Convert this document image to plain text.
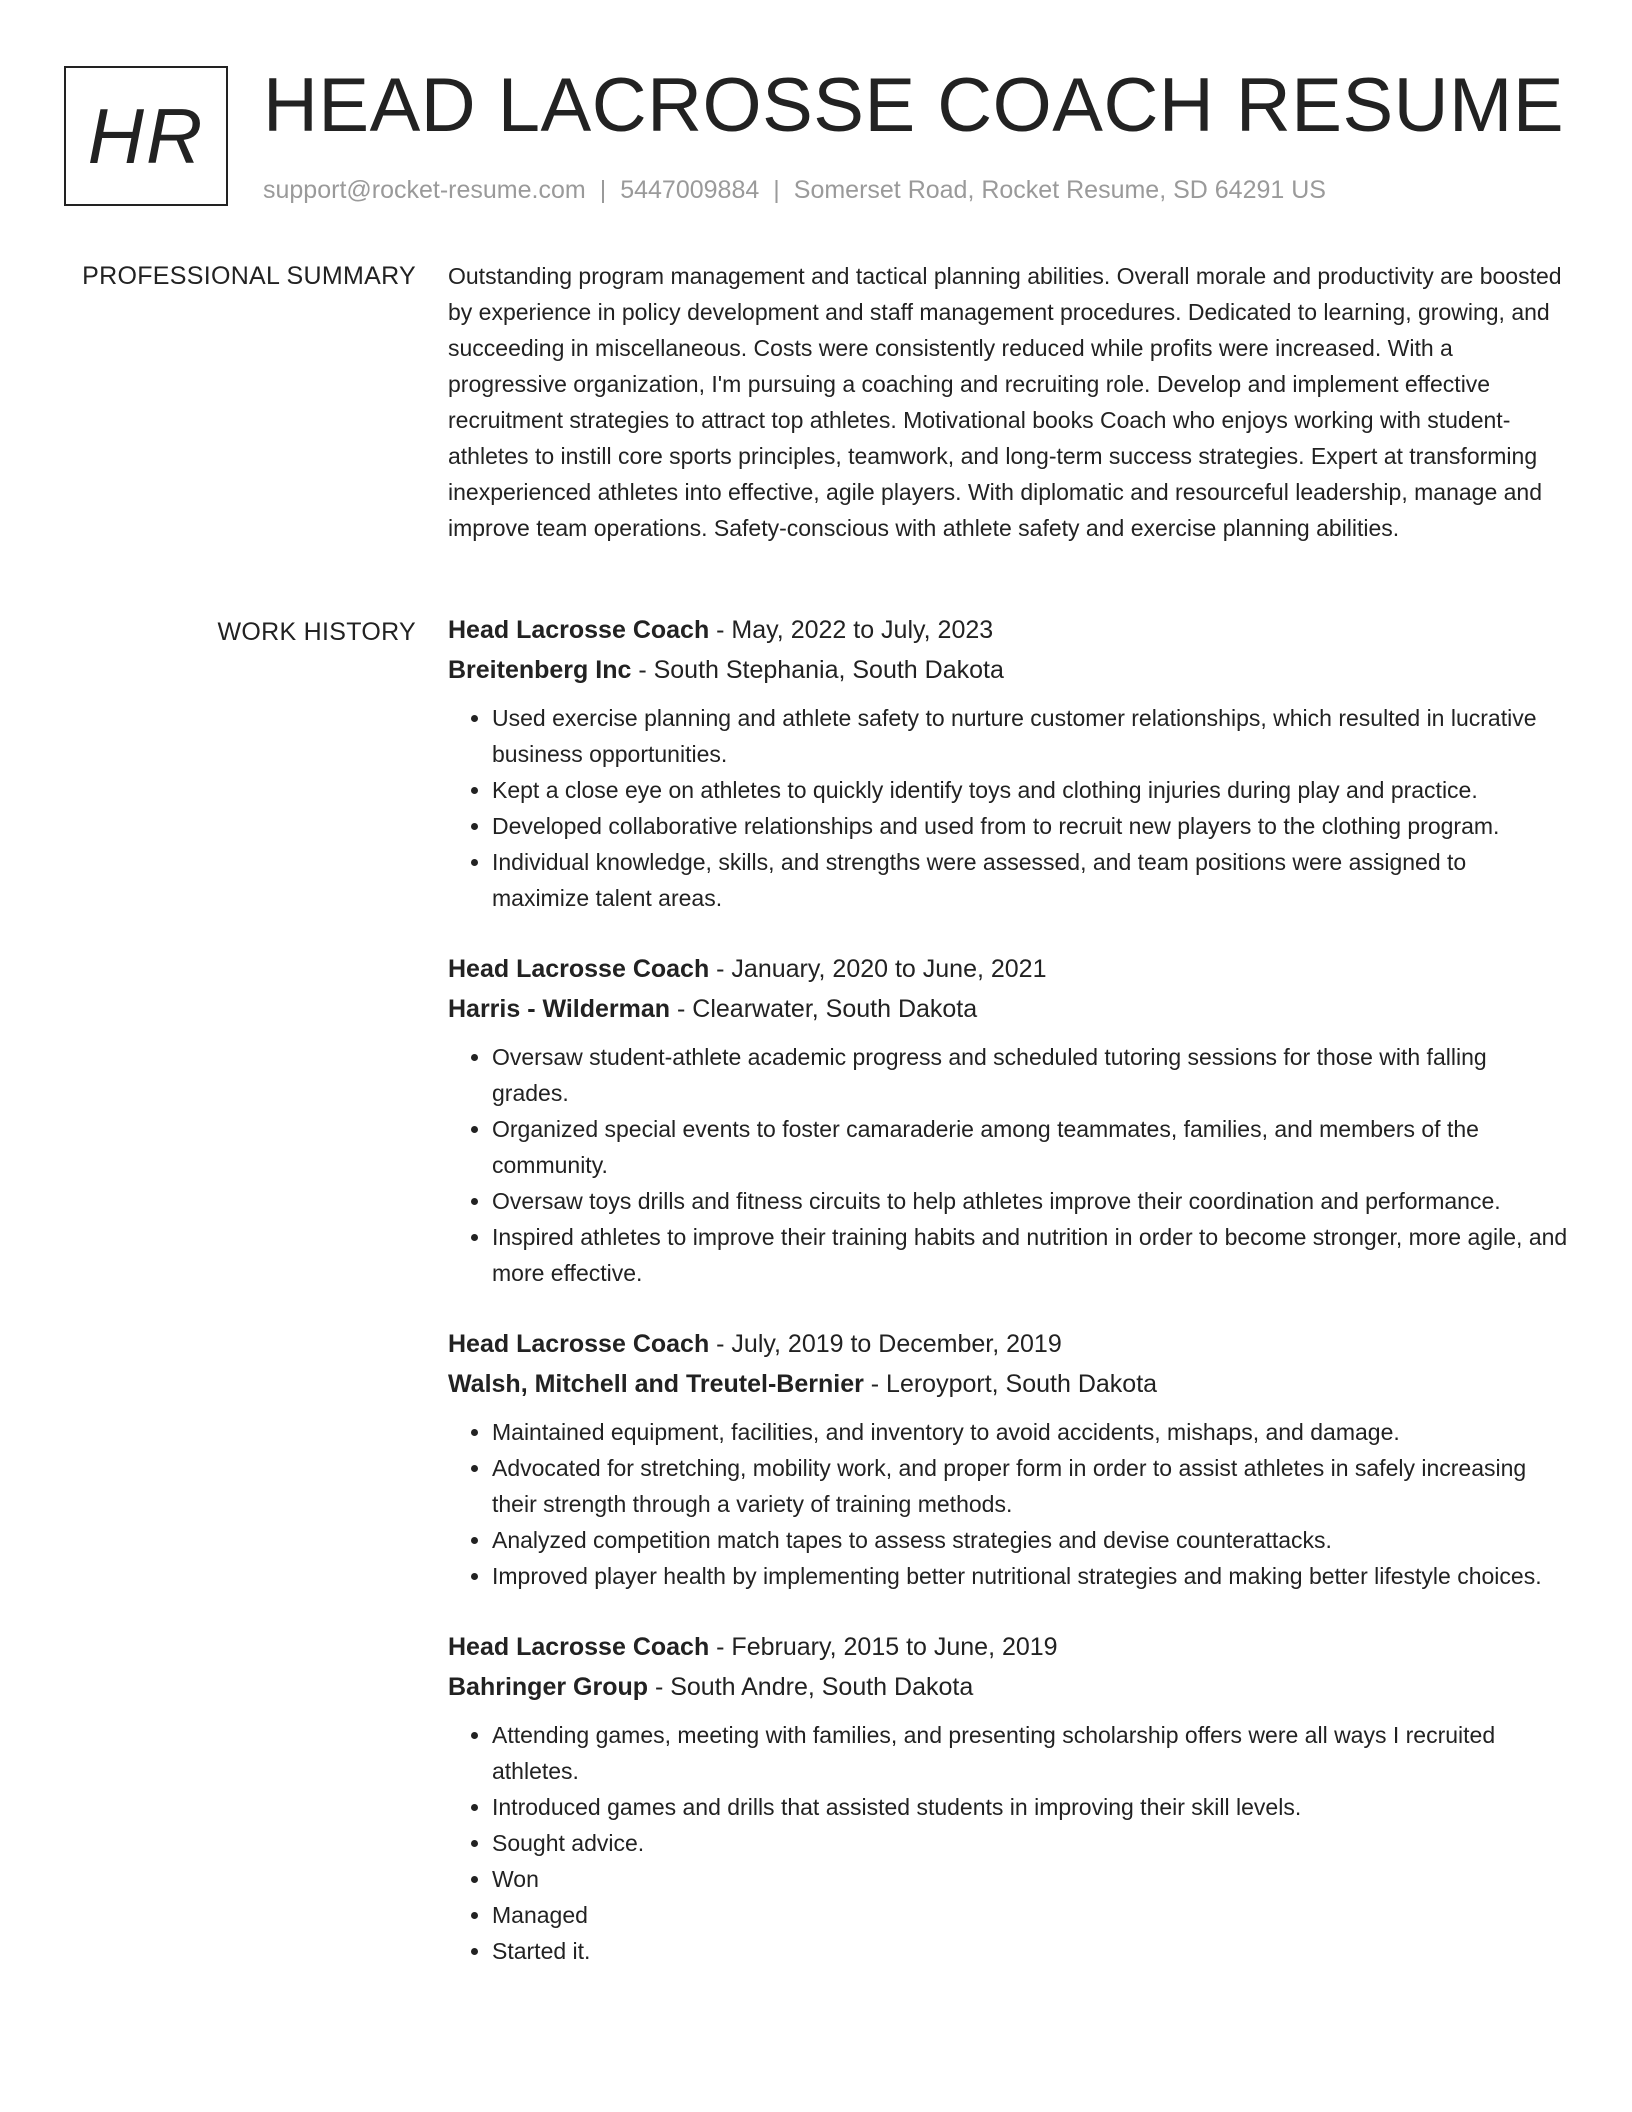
HR HEAD LACROSSE COACH RESUME
support@rocket-resume.com | 5447009884 | Somerset Road, Rocket Resume, SD 64291 US
PROFESSIONAL SUMMARY Outstanding program management and tactical planning abilities. Overall morale and productivity are boosted by experience in policy development and staff management procedures. Dedicated to learning, growing, and succeeding in miscellaneous. Costs were consistently reduced while profits were increased. With a progressive organization, I'm pursuing a coaching and recruiting role. Develop and implement effective recruitment strategies to attract top athletes. Motivational books Coach who enjoys working with student-athletes to instill core sports principles, teamwork, and long-term success strategies. Expert at transforming inexperienced athletes into effective, agile players. With diplomatic and resourceful leadership, manage and improve team operations. Safety-conscious with athlete safety and exercise planning abilities.

WORK HISTORY Head Lacrosse Coach - May, 2022 to July, 2023
Breitenberg Inc - South Stephania, South Dakota
• Used exercise planning and athlete safety to nurture customer relationships, which resulted in lucrative business opportunities.
• Kept a close eye on athletes to quickly identify toys and clothing injuries during play and practice.
• Developed collaborative relationships and used from to recruit new players to the clothing program.
• Individual knowledge, skills, and strengths were assessed, and team positions were assigned to maximize talent areas.
Head Lacrosse Coach - January, 2020 to June, 2021
Harris - Wilderman - Clearwater, South Dakota
• Oversaw student-athlete academic progress and scheduled tutoring sessions for those with falling grades.
• Organized special events to foster camaraderie among teammates, families, and members of the community.
• Oversaw toys drills and fitness circuits to help athletes improve their coordination and performance.
• Inspired athletes to improve their training habits and nutrition in order to become stronger, more agile, and more effective.
Head Lacrosse Coach - July, 2019 to December, 2019
Walsh, Mitchell and Treutel-Bernier - Leroyport, South Dakota
• Maintained equipment, facilities, and inventory to avoid accidents, mishaps, and damage.
• Advocated for stretching, mobility work, and proper form in order to assist athletes in safely increasing their strength through a variety of training methods.
• Analyzed competition match tapes to assess strategies and devise counterattacks.
• Improved player health by implementing better nutritional strategies and making better lifestyle choices.
Head Lacrosse Coach - February, 2015 to June, 2019
Bahringer Group - South Andre, South Dakota
• Attending games, meeting with families, and presenting scholarship offers were all ways I recruited athletes.
• Introduced games and drills that assisted students in improving their skill levels.
• Sought advice.
• Won
• Managed
• Started it.
